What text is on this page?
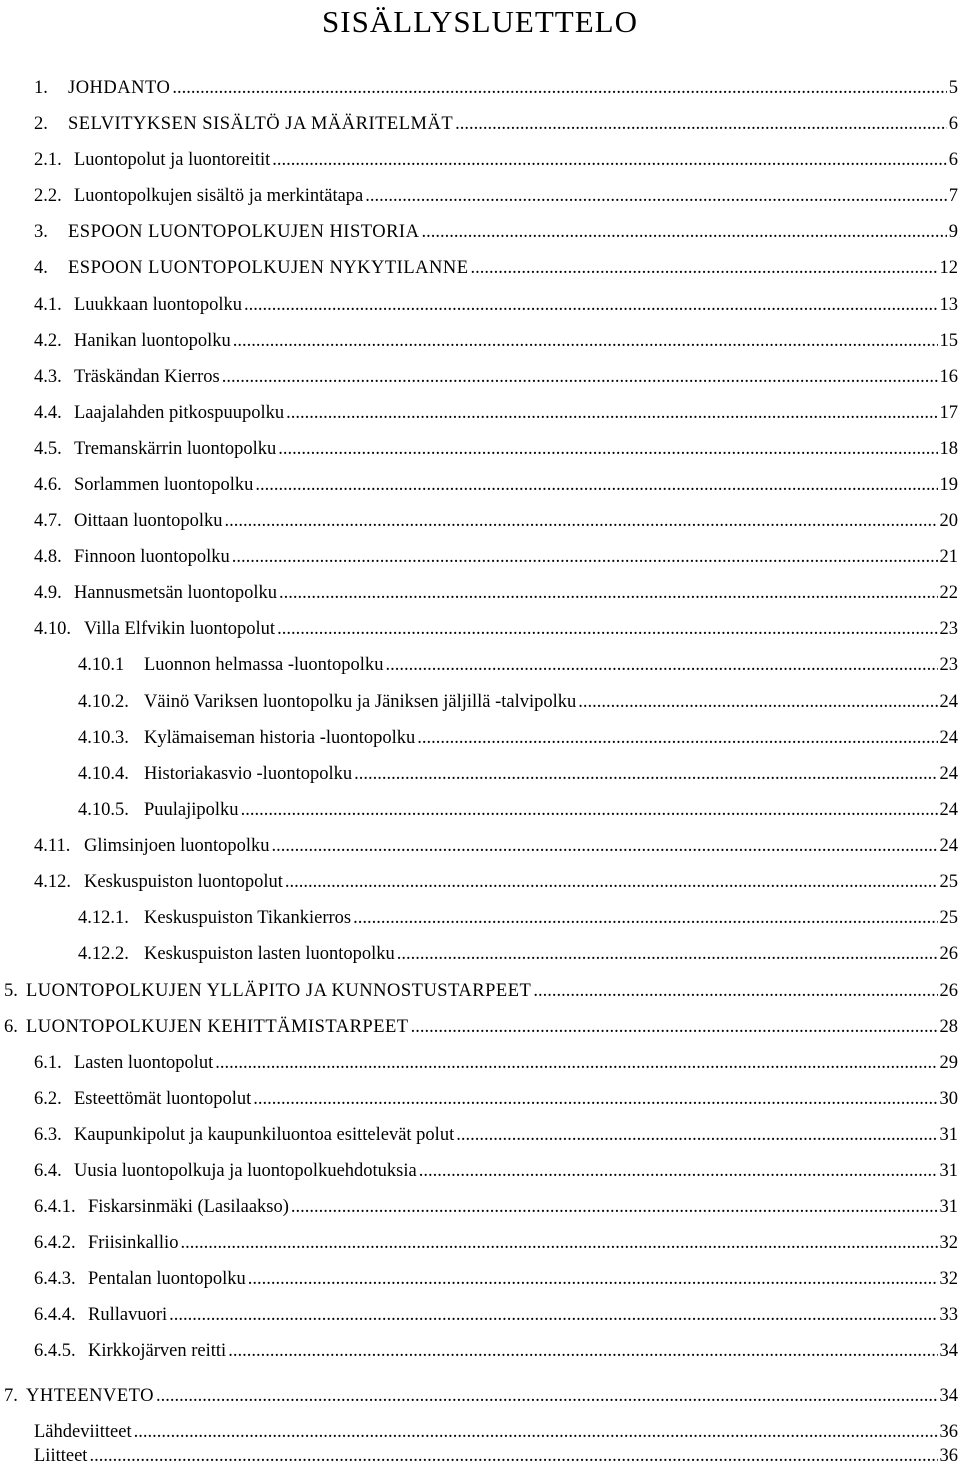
SISÄLLYSLUETTELO
1.	JOHDANTO .....	5
2.	SELVITYKSEN SISÄLTÖ JA MÄÄRITELMÄT .....	6
2.1. Luontopolut ja luontoreitit .....	6
2.2. Luontopolkujen sisältö ja merkintätapa .....	7
3.	ESPOON LUONTOPOLKUJEN HISTORIA .....	9
4.	ESPOON LUONTOPOLKUJEN NYKYTILANNE .....	12
4.1. Luukkaan luontopolku .....	13
4.2. Hanikan luontopolku .....	15
4.3. Träskändan Kierros .....	16
4.4. Laajalahden pitkospuupolku .....	17
4.5. Tremanskärrin luontopolku .....	18
4.6. Sorlammen luontopolku .....	19
4.7. Oittaan luontopolku .....	20
4.8. Finnoon luontopolku .....	21
4.9. Hannusmetsän luontopolku .....	22
4.10. Villa Elfvikin luontopolut .....	23
4.10.1	Luonnon helmassa -luontopolku .....	23
4.10.2. Väinö Variksen luontopolku ja Jäniksen jäljillä -talvipolku .....	24
4.10.3. Kylämaiseman historia -luontopolku .....	24
4.10.4. Historiakasvio -luontopolku .....	24
4.10.5. Puulajipolku .....	24
4.11. Glimsinjoen luontopolku .....	24
4.12. Keskuspuiston luontopolut .....	25
4.12.1. Keskuspuiston Tikankierros .....	25
4.12.2. Keskuspuiston lasten luontopolku .....	26
5. LUONTOPOLKUJEN YLLÄPITO JA KUNNOSTUSTARPEET .....	26
6. LUONTOPOLKUJEN KEHITTÄMISTARPEET .....	28
6.1. Lasten luontopolut .....	29
6.2. Esteettömät luontopolut .....	30
6.3. Kaupunkipolut ja kaupunkiluontoa esittelevät polut .....	31
6.4. Uusia luontopolkuja ja luontopolkuehdotuksia .....	31
6.4.1. Fiskarsinmäki (Lasilaakso) .....	31
6.4.2. Friisinkallio .....	32
6.4.3. Pentalan luontopolku .....	32
6.4.4. Rullavuori .....	33
6.4.5. Kirkkojärven reitti .....	34
7. YHTEENVETO .....	34
Lähdeviitteet .....	36
Liitteet .....	36
